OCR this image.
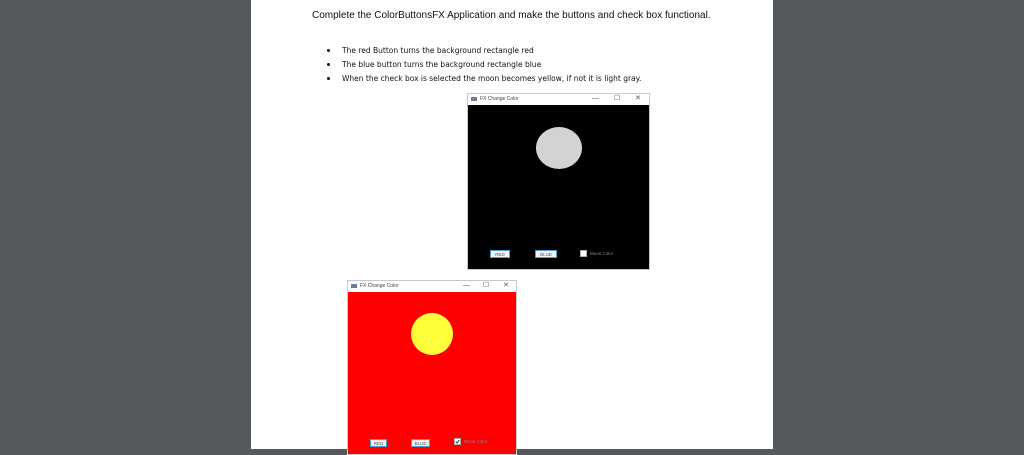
Complete the ColorButtonsFX Application and make the buttons and check box functional.
The red Button turns the background rectangle red
The blue button turns the background rectangle blue
When the check box is selected the moon becomes yellow, if not it is light gray.
FX Change Color	— ☐ ✕
RED	BLUE	Moon Color
FX Change Color	— ☐ ✕
RED	BLUE	Moon Color
